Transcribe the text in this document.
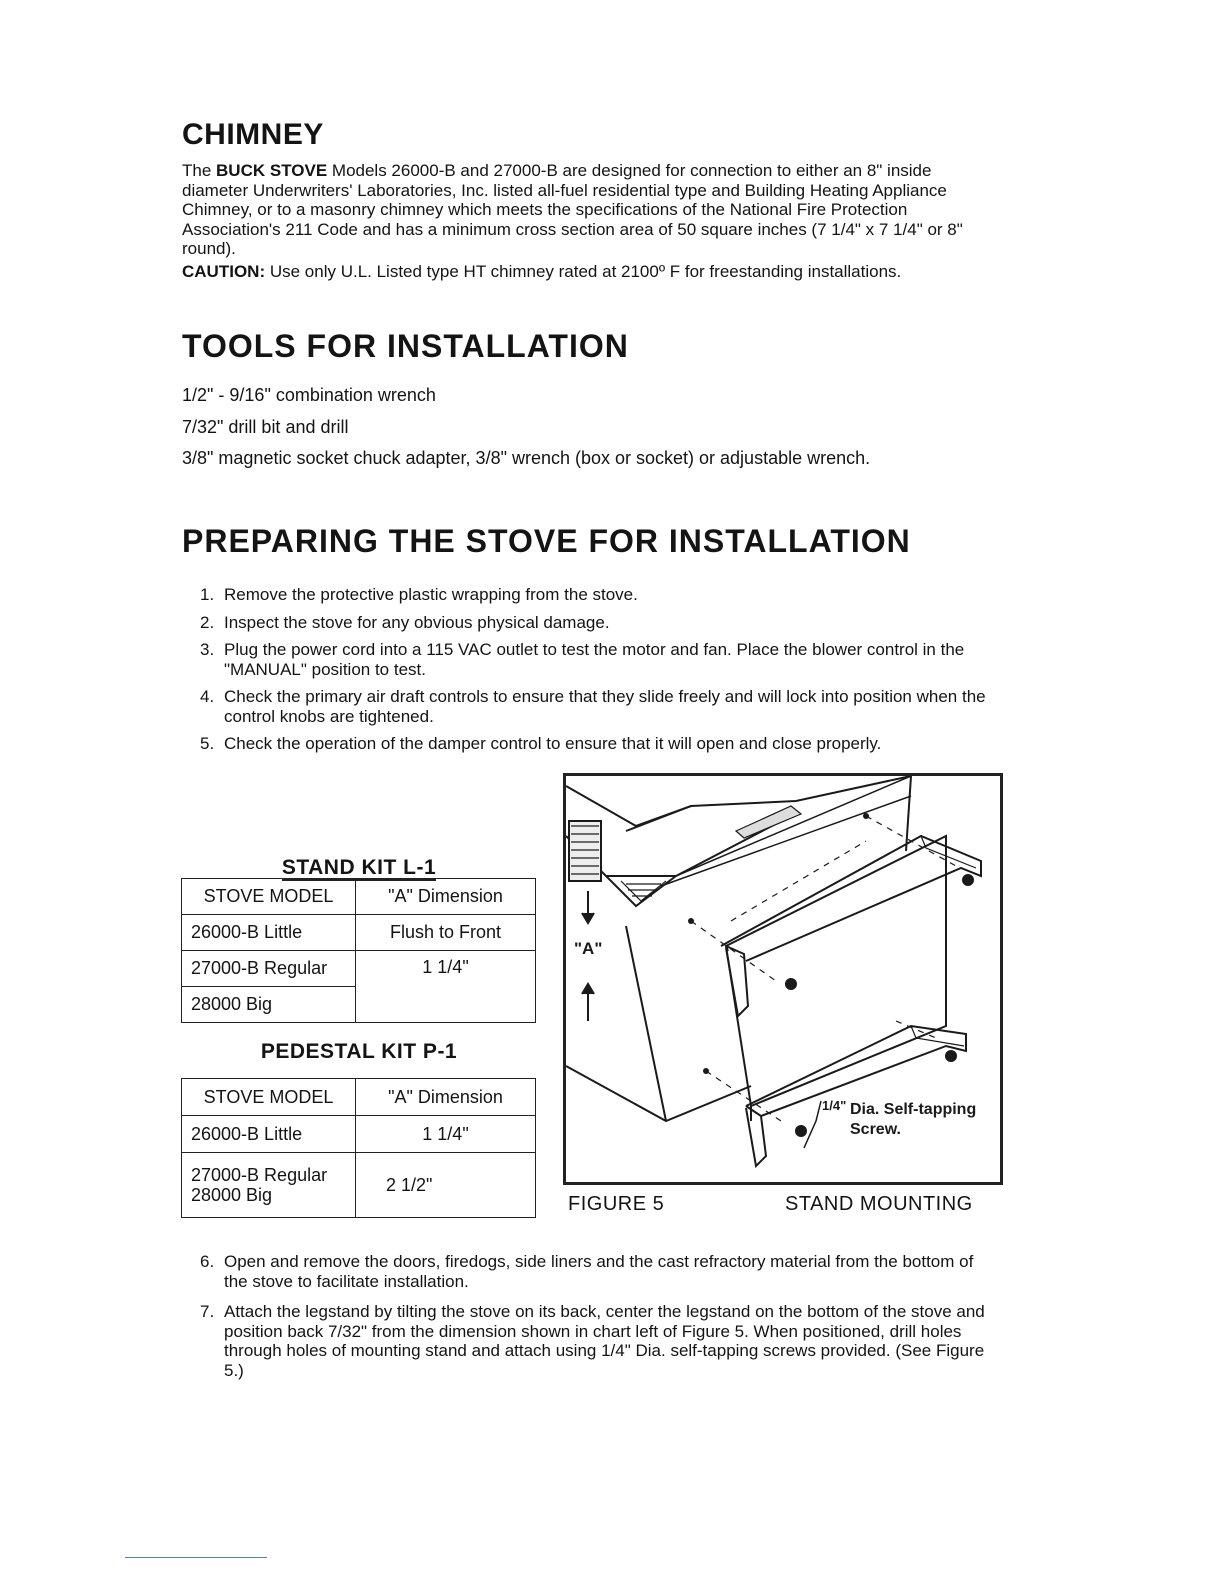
CHIMNEY

The BUCK STOVE Models 26000-B and 27000-B are designed for connection to either an 8" inside diameter Underwriters' Laboratories, Inc. listed all-fuel residential type and Building Heating Appliance Chimney, or to a masonry chimney which meets the specifications of the National Fire Protection Association's 211 Code and has a minimum cross section area of 50 square inches (7 1/4" x 7 1/4" or 8" round).

CAUTION: Use only U.L. Listed type HT chimney rated at 2100º F for freestanding installations.

TOOLS FOR INSTALLATION
1/2" - 9/16" combination wrench
7/32" drill bit and drill
3/8" magnetic socket chuck adapter, 3/8" wrench (box or socket) or adjustable wrench.
PREPARING THE STOVE FOR INSTALLATION
1. Remove the protective plastic wrapping from the stove.
2. Inspect the stove for any obvious physical damage.
3. Plug the power cord into a 115 VAC outlet to test the motor and fan. Place the blower control in the "MANUAL" position to test.
4. Check the primary air draft controls to ensure that they slide freely and will lock into position when the control knobs are tightened.
5. Check the operation of the damper control to ensure that it will open and close properly.
STAND KIT L-1
STOVE MODEL	"A" Dimension
26000-B Little	Flush to Front
27000-B Regular	1 1/4"
28000 Big	
PEDESTAL KIT P-1
STOVE MODEL	"A" Dimension
26000-B Little	1 1/4"

27000-B Regular
28000 Big	2 1/2"
"A"
1/4" Dia. Self-tapping
Screw.
FIGURE 5	STAND MOUNTING
6. Open and remove the doors, firedogs, side liners and the cast refractory material from the bottom of the stove to facilitate installation.
7. Attach the legstand by tilting the stove on its back, center the legstand on the bottom of the stove and position back 7/32" from the dimension shown in chart left of Figure 5. When positioned, drill holes through holes of mounting stand and attach using 1/4" Dia. self-tapping screws provided. (See Figure 5.)
